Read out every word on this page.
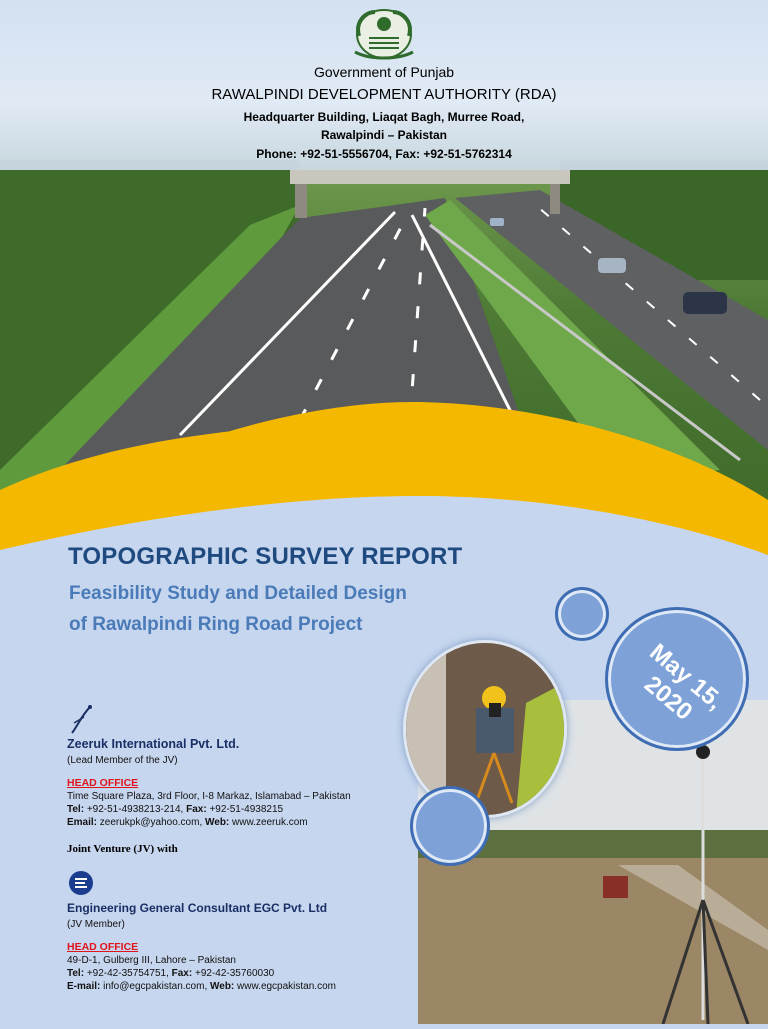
Government of Punjab
RAWALPINDI DEVELOPMENT AUTHORITY (RDA)
Headquarter Building, Liaqat Bagh, Murree Road,
Rawalpindi – Pakistan
Phone: +92-51-5556704, Fax: +92-51-5762314
TOPOGRAPHIC SURVEY REPORT
Feasibility Study and Detailed Design
of Rawalpindi Ring Road Project
May 15, 2020
Zeeruk International Pvt. Ltd.
(Lead Member of the JV)
HEAD OFFICE
Time Square Plaza, 3rd Floor, I-8 Markaz, Islamabad – Pakistan
Tel: +92-51-4938213-214, Fax: +92-51-4938215
Email: zeerukpk@yahoo.com, Web: www.zeeruk.com
Joint Venture (JV) with
Engineering General Consultant EGC Pvt. Ltd
(JV Member)
HEAD OFFICE
49-D-1, Gulberg III, Lahore – Pakistan
Tel: +92-42-35754751, Fax: +92-42-35760030
E-mail: info@egcpakistan.com, Web: www.egcpakistan.com
